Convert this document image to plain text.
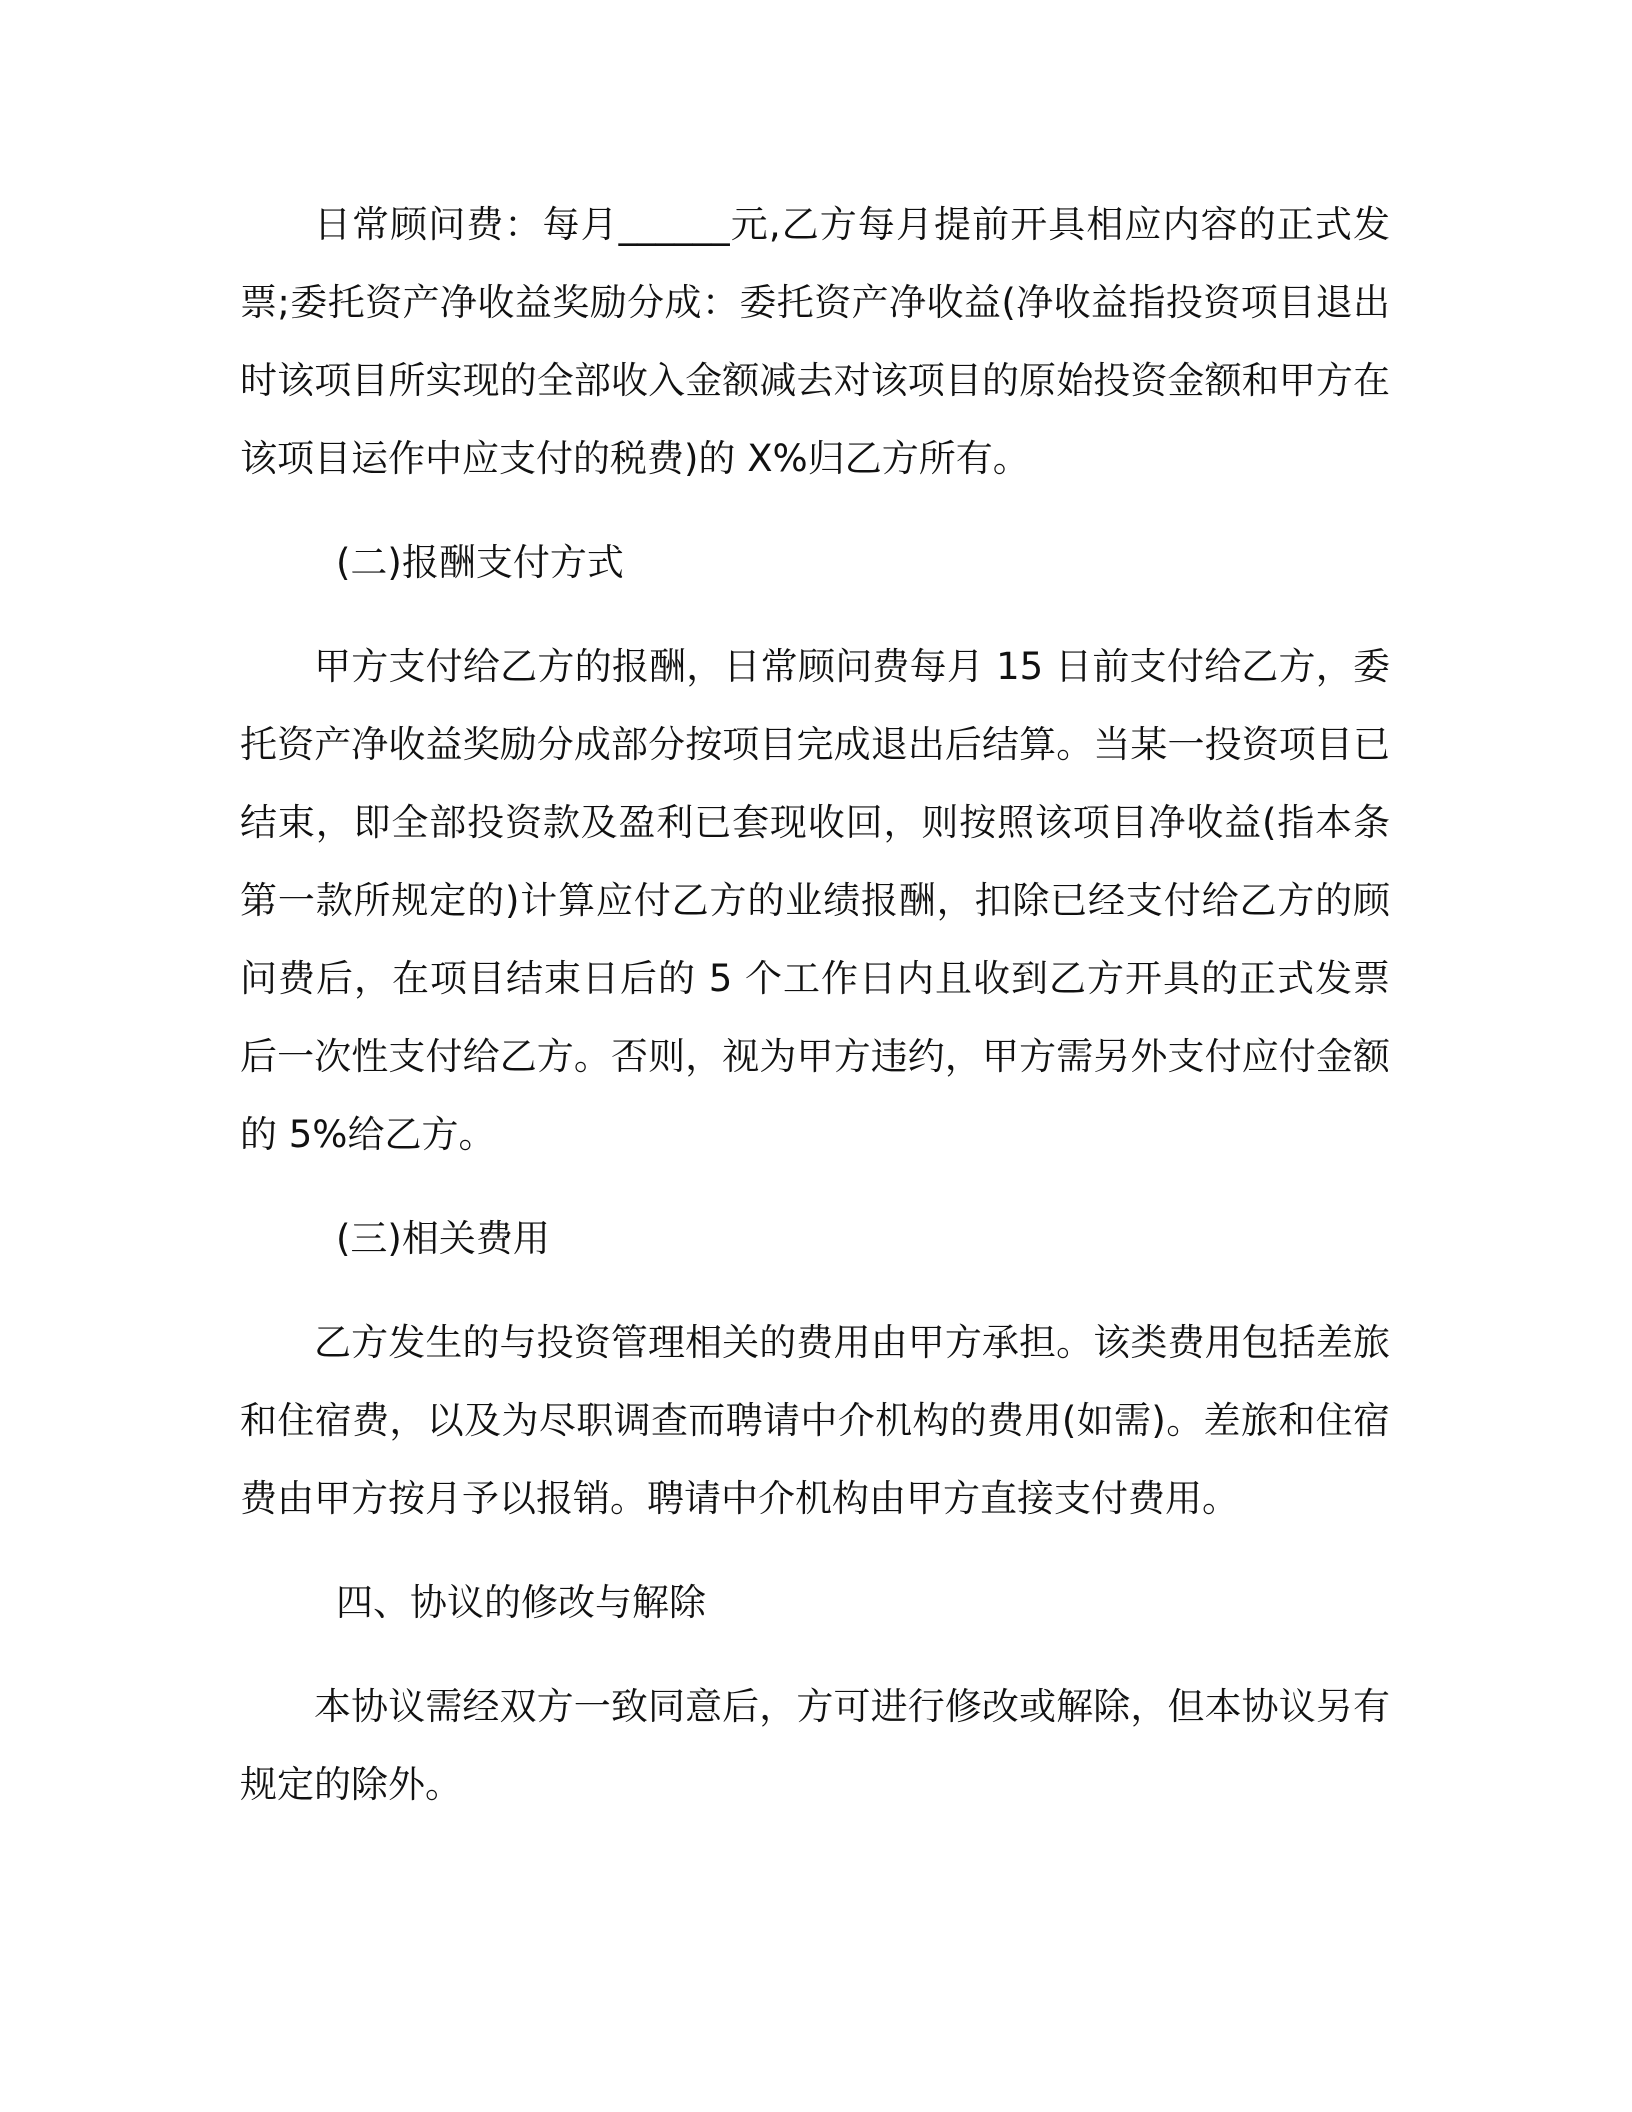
日常顾问费：每月______元,乙方每月提前开具相应内容的正式发票;委托资产净收益奖励分成：委托资产净收益(净收益指投资项目退出时该项目所实现的全部收入金额减去对该项目的原始投资金额和甲方在该项目运作中应支付的税费)的 X%归乙方所有。

(二)报酬支付方式

甲方支付给乙方的报酬，日常顾问费每月 15 日前支付给乙方，委托资产净收益奖励分成部分按项目完成退出后结算。当某一投资项目已结束，即全部投资款及盈利已套现收回，则按照该项目净收益(指本条第一款所规定的)计算应付乙方的业绩报酬，扣除已经支付给乙方的顾问费后，在项目结束日后的 5 个工作日内且收到乙方开具的正式发票后一次性支付给乙方。否则，视为甲方违约，甲方需另外支付应付金额的 5%给乙方。

(三)相关费用

乙方发生的与投资管理相关的费用由甲方承担。该类费用包括差旅和住宿费，以及为尽职调查而聘请中介机构的费用(如需)。差旅和住宿费由甲方按月予以报销。聘请中介机构由甲方直接支付费用。

四、协议的修改与解除

本协议需经双方一致同意后，方可进行修改或解除，但本协议另有规定的除外。
